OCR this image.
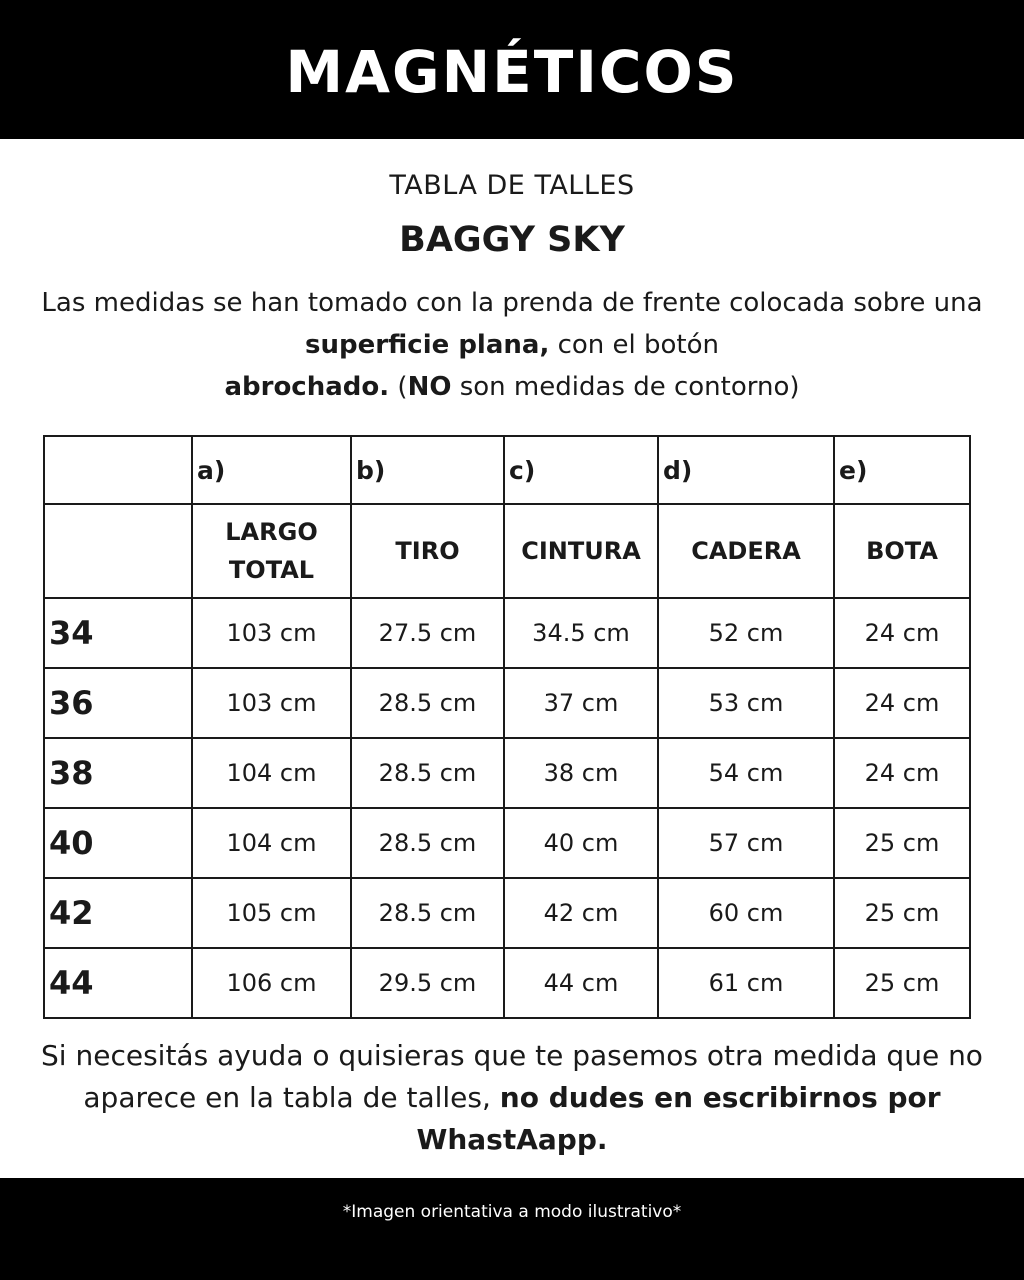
MAGNÉTICOS
TABLA DE TALLES
BAGGY SKY
Las medidas se han tomado con la prenda de frente colocada sobre una superficie plana, con el botón
abrochado. (NO son medidas de contorno)
	a)	b)	c)	d)	e)
	LARGO TOTAL	TIRO	CINTURA	CADERA	BOTA
34	103 cm	27.5 cm	34.5 cm	52 cm	24 cm
36	103 cm	28.5 cm	37 cm	53 cm	24 cm
38	104 cm	28.5 cm	38 cm	54 cm	24 cm
40	104 cm	28.5 cm	40 cm	57 cm	25 cm
42	105 cm	28.5 cm	42 cm	60 cm	25 cm
44	106 cm	29.5 cm	44 cm	61 cm	25 cm
Si necesitás ayuda o quisieras que te pasemos otra medida que no aparece en la tabla de talles, no dudes en escribirnos por WhastAapp.
*Imagen orientativa a modo ilustrativo*
